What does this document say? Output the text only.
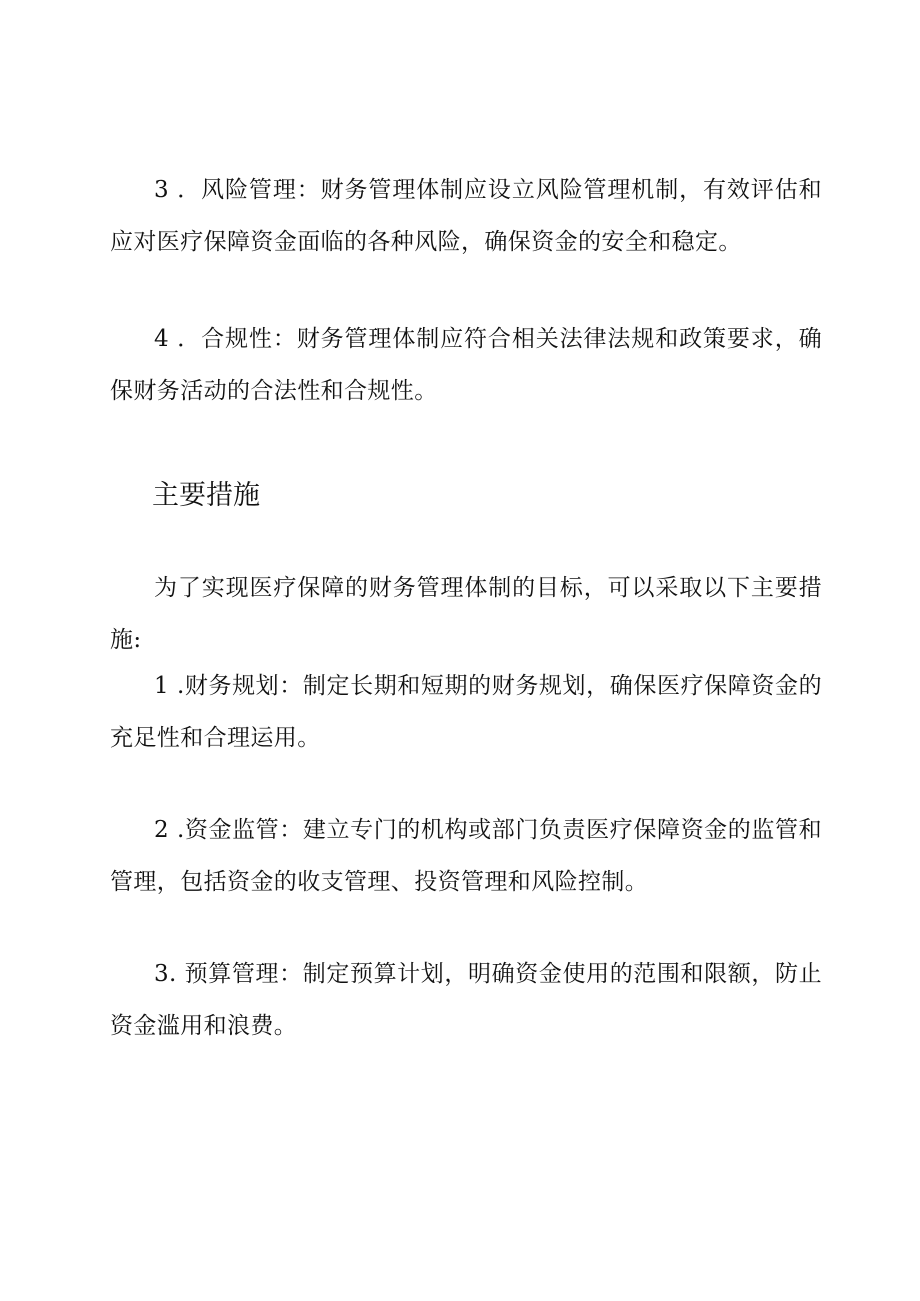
3 ．风险管理：财务管理体制应设立风险管理机制，有效评估和应对医疗保障资金面临的各种风险，确保资金的安全和稳定。

4 ．合规性：财务管理体制应符合相关法律法规和政策要求，确保财务活动的合法性和合规性。

主要措施

为了实现医疗保障的财务管理体制的目标，可以采取以下主要措施:

1 .财务规划：制定长期和短期的财务规划，确保医疗保障资金的充足性和合理运用。

2 .资金监管：建立专门的机构或部门负责医疗保障资金的监管和管理，包括资金的收支管理、投资管理和风险控制。

3. 预算管理：制定预算计划，明确资金使用的范围和限额，防止资金滥用和浪费。
